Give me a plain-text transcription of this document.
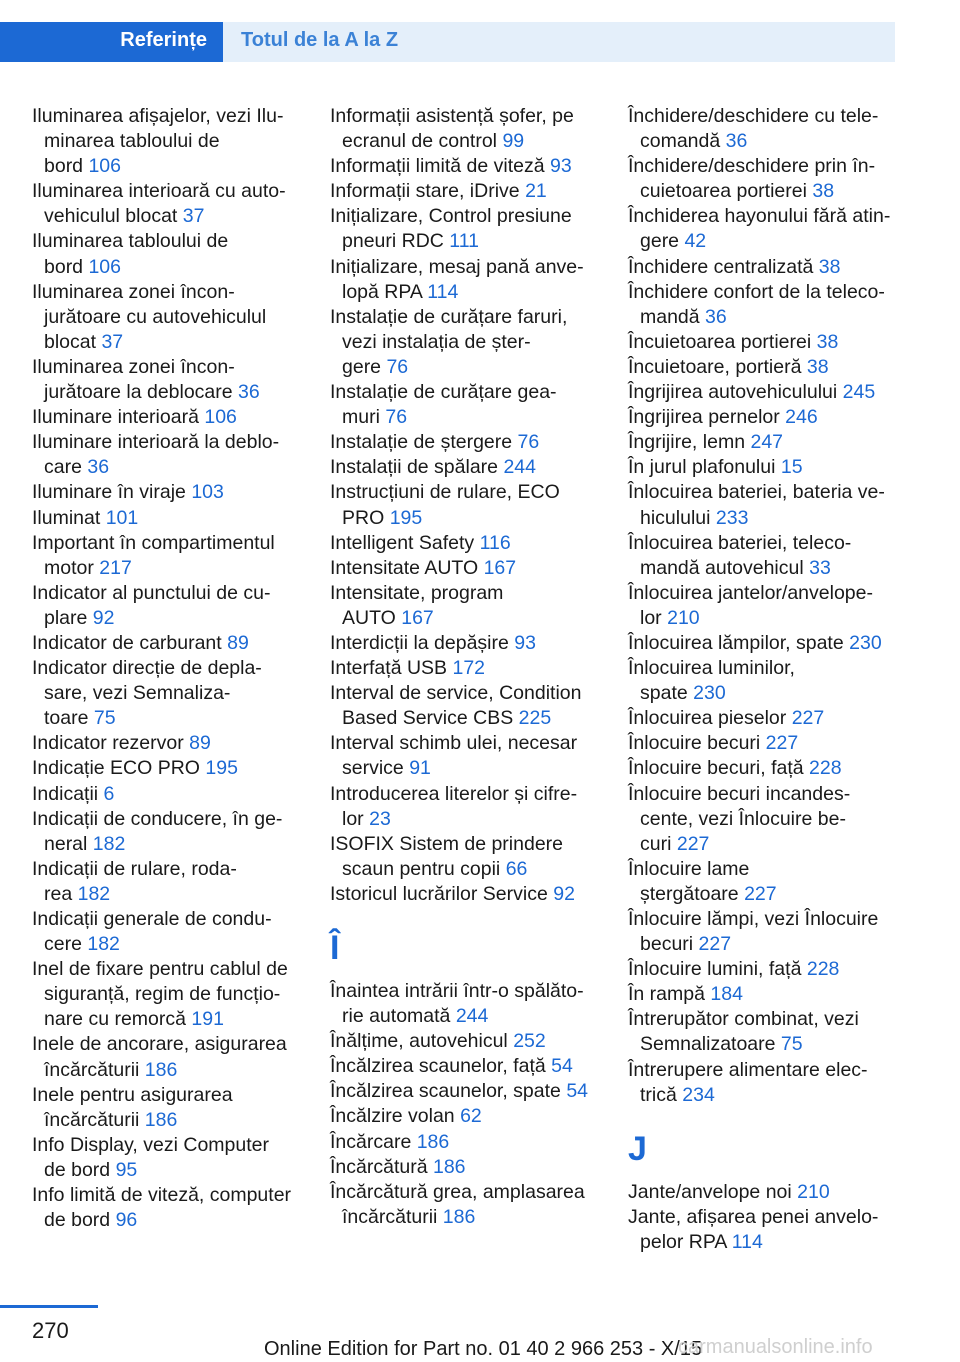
Referințe Totul de la A la Z

Iluminarea afișajelor, vezi Ilu-
minarea tabloului de
bord 106

Iluminarea interioară cu auto-
vehiculul blocat 37

Iluminarea tabloului de
bord 106

Iluminarea zonei încon-
jurătoare cu autovehiculul
blocat 37

Iluminarea zonei încon-
jurătoare la deblocare 36

Iluminare interioară 106

Iluminare interioară la deblo-
care 36

Iluminare în viraje 103

Iluminat 101

Important în compartimentul
motor 217

Indicator al punctului de cu-
plare 92

Indicator de carburant 89

Indicator direcție de depla-
sare, vezi Semnaliza-
toare 75

Indicator rezervor 89

Indicație ECO PRO 195

Indicații 6

Indicații de conducere, în ge-
neral 182

Indicații de rulare, roda-
rea 182

Indicații generale de condu-
cere 182

Inel de fixare pentru cablul de
siguranță, regim de funcțio-
nare cu remorcă 191

Inele de ancorare, asigurarea
încărcăturii 186

Inele pentru asigurarea
încărcăturii 186

Info Display, vezi Computer
de bord 95

Info limită de viteză, computer
de bord 96

Informații asistență șofer, pe
ecranul de control 99

Informații limită de viteză 93

Informații stare, iDrive 21

Inițializare, Control presiune
pneuri RDC 111

Inițializare, mesaj pană anve-
lopă RPA 114

Instalație de curățare faruri,
vezi instalația de șter-
gere 76

Instalație de curățare gea-
muri 76

Instalație de ștergere 76

Instalații de spălare 244

Instrucțiuni de rulare, ECO
PRO 195

Intelligent Safety 116

Intensitate AUTO 167

Intensitate, program
AUTO 167

Interdicții la depășire 93

Interfață USB 172

Interval de service, Condition
Based Service CBS 225

Interval schimb ulei, necesar
service 91

Introducerea literelor și cifre-
lor 23

ISOFIX Sistem de prindere
scaun pentru copii 66

Istoricul lucrărilor Service 92

Î

Înaintea intrării într-o spălăto-
rie automată 244

Înălțime, autovehicul 252

Încălzirea scaunelor, față 54

Încălzirea scaunelor, spate 54

Încălzire volan 62

Încărcare 186

Încărcătură 186

Încărcătură grea, amplasarea
încărcăturii 186

Închidere/deschidere cu tele-
comandă 36

Închidere/deschidere prin în-
cuietoarea portierei 38

Închiderea hayonului fără atin-
gere 42

Închidere centralizată 38

Închidere confort de la teleco-
mandă 36

Încuietoarea portierei 38

Încuietoare, portieră 38

Îngrijirea autovehiculului 245

Îngrijirea pernelor 246

Îngrijire, lemn 247

În jurul plafonului 15

Înlocuirea bateriei, bateria ve-
hiculului 233

Înlocuirea bateriei, teleco-
mandă autovehicul 33

Înlocuirea jantelor/anvelope-
lor 210

Înlocuirea lămpilor, spate 230

Înlocuirea luminilor,
spate 230

Înlocuirea pieselor 227

Înlocuire becuri 227

Înlocuire becuri, față 228

Înlocuire becuri incandes-
cente, vezi Înlocuire be-
curi 227

Înlocuire lame
ștergătoare 227

Înlocuire lămpi, vezi Înlocuire
becuri 227

Înlocuire lumini, față 228

În rampă 184

Întrerupător combinat, vezi
Semnalizatoare 75

Întrerupere alimentare elec-
trică 234

J

Jante/anvelope noi 210

Jante, afișarea penei anvelo-
pelor RPA 114

270
Online Edition for Part no. 01 40 2 966 253 - X/15
carmanualsonline.info
